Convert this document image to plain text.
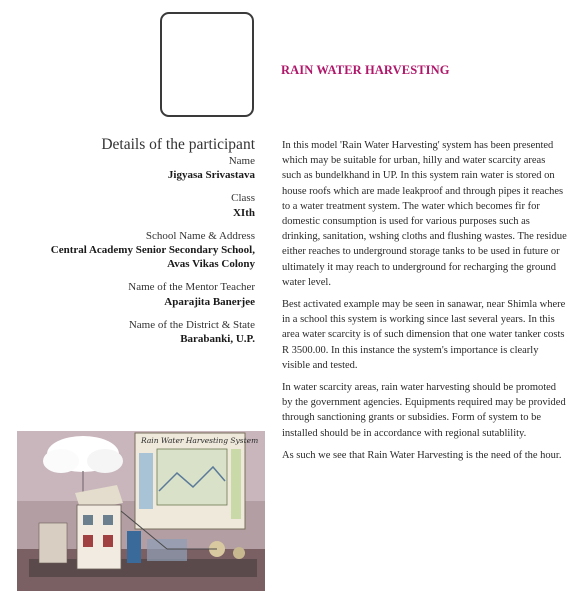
RAIN WATER HARVESTING
Details of the participant
Name
Jigyasa Srivastava
Class
XIth
School Name & Address
Central Academy Senior Secondary School,
Avas Vikas Colony
Name of the Mentor Teacher
Aparajita Banerjee
Name of the District & State
Barabanki, U.P.

In this model 'Rain Water Harvesting' system has been presented which may be suitable for urban, hilly and water scarcity areas such as bundelkhand in UP. In this system rain water is stored on house roofs which are made leakproof and through pipes it reaches to a water treatment system. The water which becomes fir for domestic consumption is used for various purposes such as drinking, sanitation, wshing cloths and flushing wastes. The residue either reaches to underground storage tanks to be used in future or ultimately it may reach to underground for recharging the ground water level.

Best activated example may be seen in sanawar, near Shimla where in a school this system is working since last several years. In this area water scarcity is of such dimension that one water tanker costs R 3500.00. In this instance the system's importance is clearly visible and tested.

In water scarcity areas, rain water harvesting should be promoted by the government agencies. Equipments required may be provided through sanctioning grants or subsidies. Form of system to be installed should be in accordance with regional sutablility.

As such we see that Rain Water Harvesting is the need of the hour.

Rain Water Harvesting System
